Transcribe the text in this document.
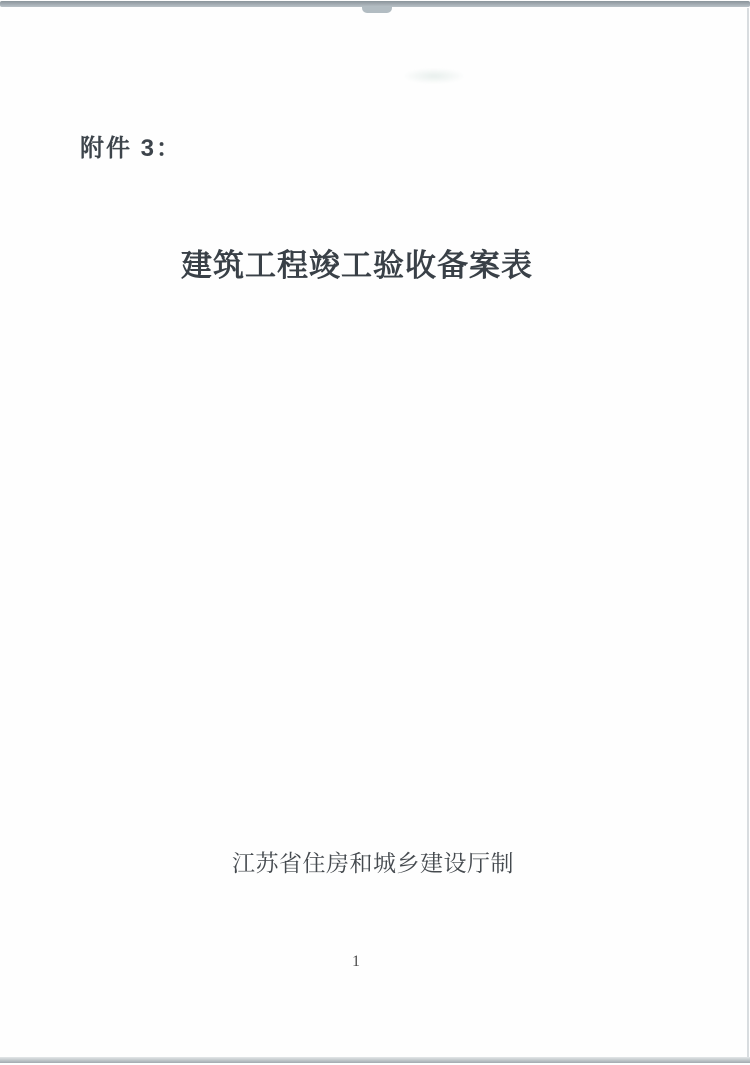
附件 3：
建筑工程竣工验收备案表
江苏省住房和城乡建设厅制
1
